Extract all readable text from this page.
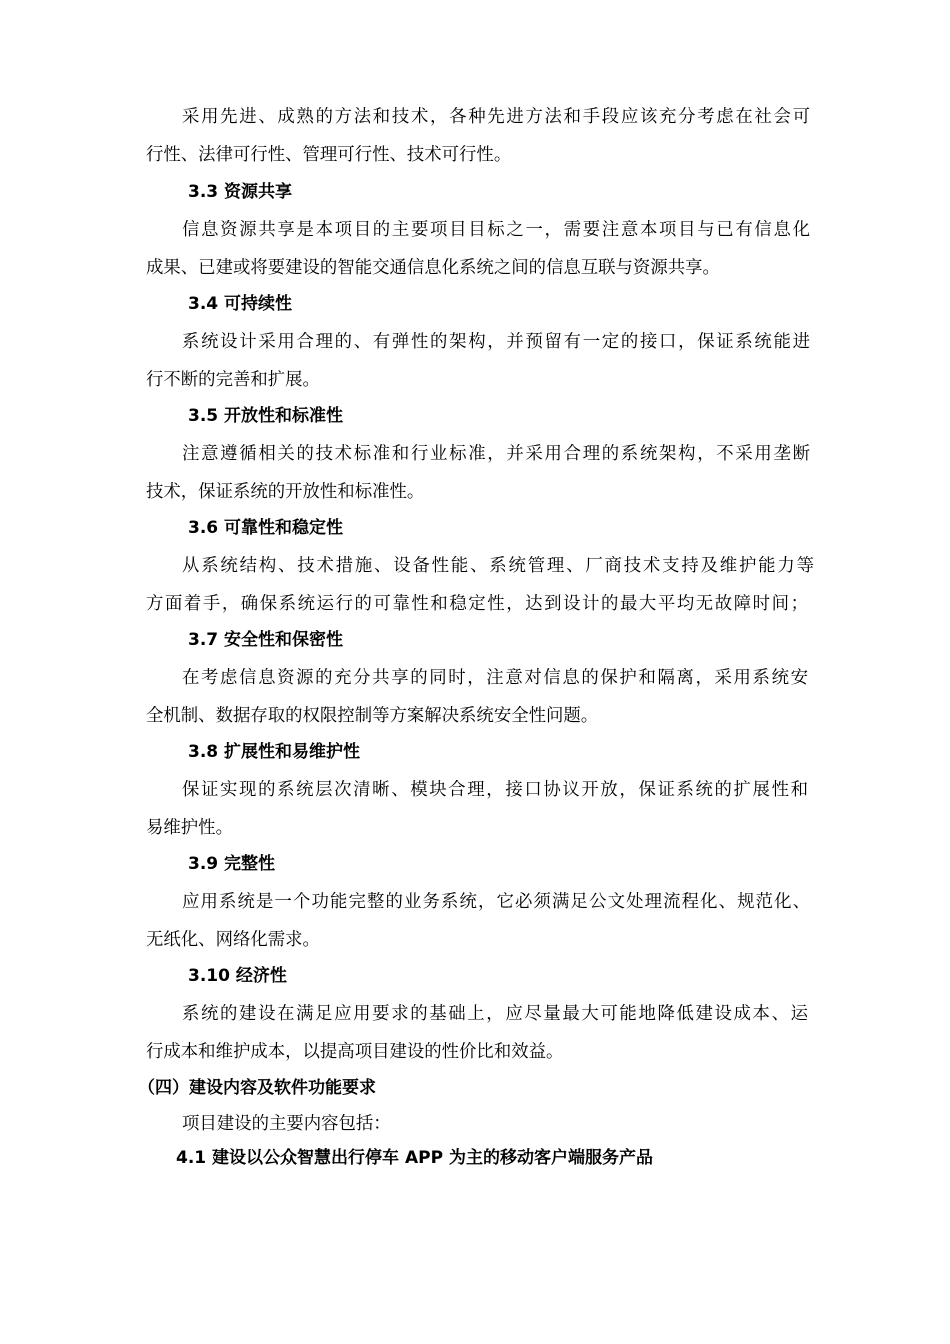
采用先进、成熟的方法和技术，各种先进方法和手段应该充分考虑在社会可
行性、法律可行性、管理可行性、技术可行性。
3.3 资源共享
信息资源共享是本项目的主要项目目标之一，需要注意本项目与已有信息化
成果、已建或将要建设的智能交通信息化系统之间的信息互联与资源共享。
3.4 可持续性
系统设计采用合理的、有弹性的架构，并预留有一定的接口，保证系统能进
行不断的完善和扩展。
3.5 开放性和标准性
注意遵循相关的技术标准和行业标准，并采用合理的系统架构，不采用垄断
技术，保证系统的开放性和标准性。
3.6 可靠性和稳定性
从系统结构、技术措施、设备性能、系统管理、厂商技术支持及维护能力等
方面着手，确保系统运行的可靠性和稳定性，达到设计的最大平均无故障时间；
3.7 安全性和保密性
在考虑信息资源的充分共享的同时，注意对信息的保护和隔离，采用系统安
全机制、数据存取的权限控制等方案解决系统安全性问题。
3.8 扩展性和易维护性
保证实现的系统层次清晰、模块合理，接口协议开放，保证系统的扩展性和
易维护性。
3.9 完整性
应用系统是一个功能完整的业务系统，它必须满足公文处理流程化、规范化、
无纸化、网络化需求。
3.10 经济性
系统的建设在满足应用要求的基础上，应尽量最大可能地降低建设成本、运
行成本和维护成本，以提高项目建设的性价比和效益。
（四）建设内容及软件功能要求
项目建设的主要内容包括：
4.1 建设以公众智慧出行停车 APP 为主的移动客户端服务产品
